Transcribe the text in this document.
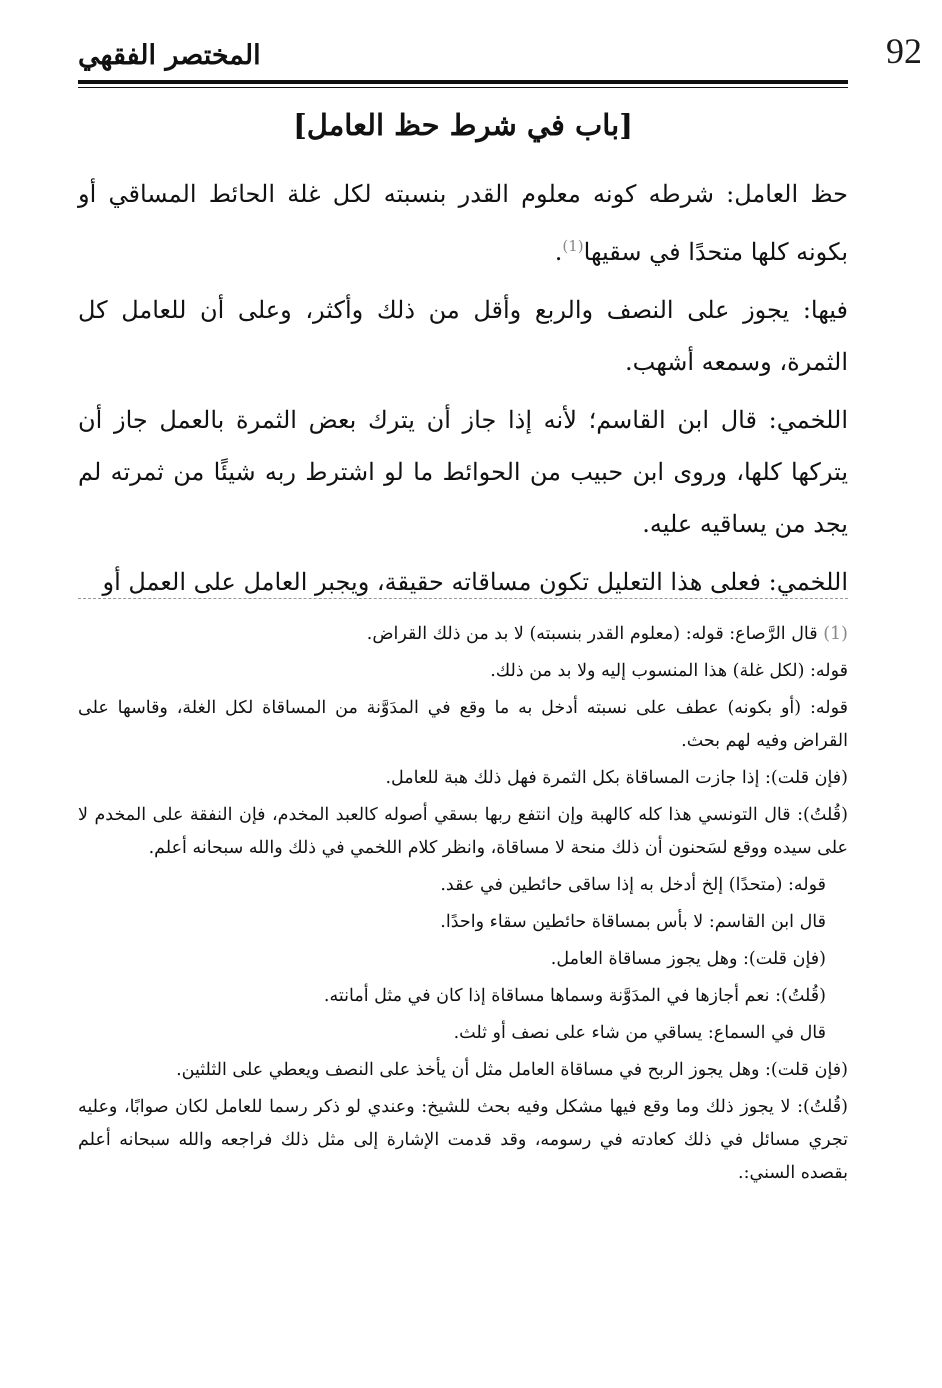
92
المختصر الفقهي
[باب في شرط حظ العامل]

حظ العامل: شرطه كونه معلوم القدر بنسبته لكل غلة الحائط المساقي أو بكونه كلها متحدًا في سقيها$^{(1)}$.

فيها: يجوز على النصف والربع وأقل من ذلك وأكثر، وعلى أن للعامل كل الثمرة، وسمعه أشهب.

اللخمي: قال ابن القاسم؛ لأنه إذا جاز أن يترك بعض الثمرة بالعمل جاز أن يتركها كلها، وروى ابن حبيب من الحوائط ما لو اشترط ربه شيئًا من ثمرته لم يجد من يساقيه عليه.

اللخمي: فعلى هذا التعليل تكون مساقاته حقيقة، ويجبر العامل على العمل أو

(1) قال الرَّصاع: قوله: (معلوم القدر بنسبته) لا بد من ذلك القراض.

قوله: (لكل غلة) هذا المنسوب إليه ولا بد من ذلك.

قوله: (أو بكونه) عطف على نسبته أدخل به ما وقع في المدَوَّنة من المساقاة لكل الغلة، وقاسها على القراض وفيه لهم بحث.

(فإن قلت): إذا جازت المساقاة بكل الثمرة فهل ذلك هبة للعامل.

(قُلتُ): قال التونسي هذا كله كالهبة وإن انتفع ربها بسقي أصوله كالعبد المخدم، فإن النفقة على المخدم لا على سيده ووقع لسَحنون أن ذلك منحة لا مساقاة، وانظر كلام اللخمي في ذلك والله سبحانه أعلم.

قوله: (متحدًا) إلخ أدخل به إذا ساقى حائطين في عقد.

قال ابن القاسم: لا بأس بمساقاة حائطين سقاء واحدًا.

(فإن قلت): وهل يجوز مساقاة العامل.

(قُلتُ): نعم أجازها في المدَوَّنة وسماها مساقاة إذا كان في مثل أمانته.

قال في السماع: يساقي من شاء على نصف أو ثلث.

(فإن قلت): وهل يجوز الربح في مساقاة العامل مثل أن يأخذ على النصف ويعطي على الثلثين.

(قُلتُ): لا يجوز ذلك وما وقع فيها مشكل وفيه بحث للشيخ: وعندي لو ذكر رسما للعامل لكان صوابًا، وعليه تجري مسائل في ذلك كعادته في رسومه، وقد قدمت الإشارة إلى مثل ذلك فراجعه والله سبحانه أعلم بقصده السني:.
